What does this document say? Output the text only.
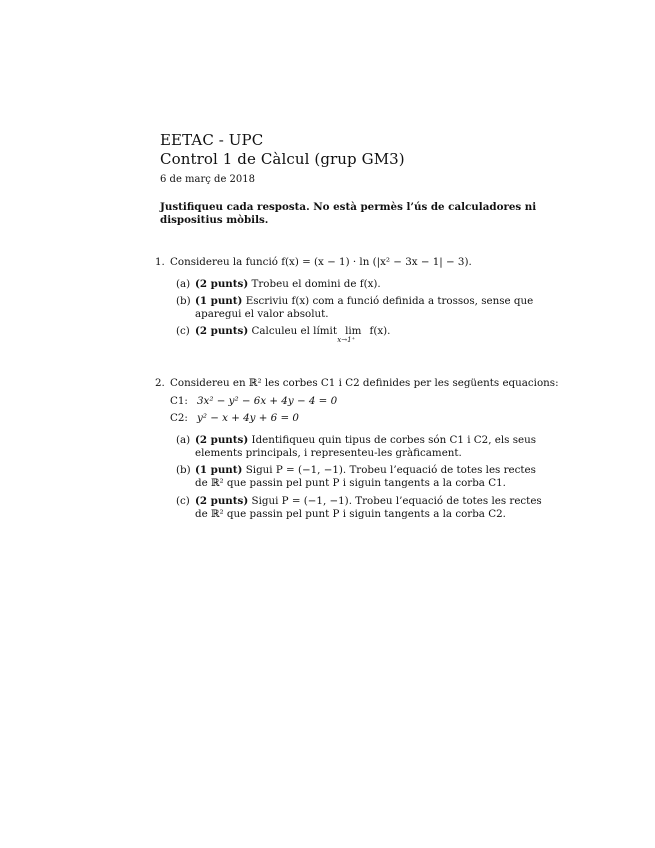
EETAC - UPC
Control 1 de Càlcul (grup GM3)
6 de març de 2018
Justifiqueu cada resposta. No està permès l’ús de calculadores ni
dispositius mòbils.
1. Considereu la funció f(x) = (x − 1) · ln (|x² − 3x − 1| − 3).
(a) (2 punts) Trobeu el domini de f(x).
(b) (1 punt) Escriviu f(x) com a funció definida a trossos, sense que
aparegui el valor absolut.
(c) (2 punts) Calculeu el límit lim
x→1⁺
f(x).
2. Considereu en ℝ² les corbes C1 i C2 definides per les següents equacions:
C1: 3x² − y² − 6x + 4y − 4 = 0
C2: y² − x + 4y + 6 = 0
(a) (2 punts) Identifiqueu quin tipus de corbes són C1 i C2, els seus
elements principals, i representeu-les gràficament.
(b) (1 punt) Sigui P = (−1, −1). Trobeu l’equació de totes les rectes
de ℝ² que passin pel punt P i siguin tangents a la corba C1.
(c) (2 punts) Sigui P = (−1, −1). Trobeu l’equació de totes les rectes
de ℝ² que passin pel punt P i siguin tangents a la corba C2.
